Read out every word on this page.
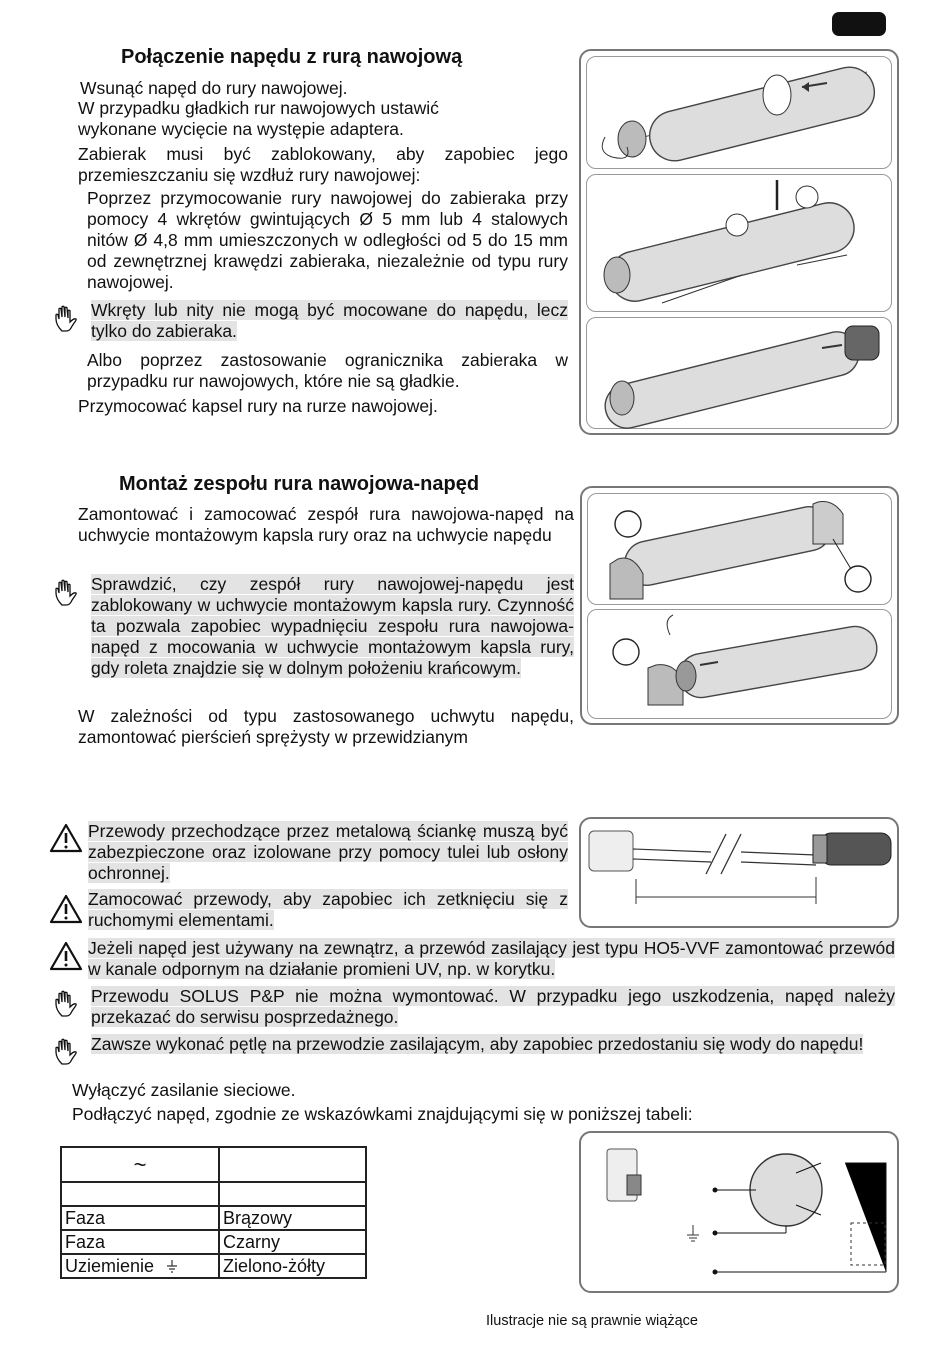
Połączenie napędu z rurą nawojową
Wsunąć napęd do rury nawojowej.
W przypadku gładkich rur nawojowych ustawić wykonane wycięcie na występie adaptera.
Zabierak musi być zablokowany, aby zapobiec jego przemieszczaniu się wzdłuż rury nawojowej:
Poprzez przymocowanie rury nawojowej do zabieraka przy pomocy 4 wkrętów gwintujących Ø 5 mm lub 4 stalowych nitów Ø 4,8 mm umieszczonych w odległości od 5 do 15 mm od zewnętrznej krawędzi zabieraka, niezależnie od typu rury nawojowej.
Wkręty lub nity nie mogą być mocowane do napędu, lecz tylko do zabieraka.
Albo poprzez zastosowanie ogranicznika zabieraka w przypadku rur nawojowych, które nie są gładkie.
Przymocować kapsel rury na rurze nawojowej.
Montaż zespołu rura nawojowa-napęd
Zamontować i zamocować zespół rura nawojowa-napęd na uchwycie montażowym kapsla rury oraz na uchwycie napędu
Sprawdzić, czy zespół rury nawojowej-napędu jest zablokowany w uchwycie montażowym kapsla rury. Czynność ta pozwala zapobiec wypadnięciu zespołu rura nawojowa-napęd z mocowania w uchwycie montażowym kapsla rury, gdy roleta znajdzie się w dolnym położeniu krańcowym.
W zależności od typu zastosowanego uchwytu napędu, zamontować pierścień sprężysty w przewidzianym
Przewody przechodzące przez metalową ściankę muszą być zabezpieczone oraz izolowane przy pomocy tulei lub osłony ochronnej.
Zamocować przewody, aby zapobiec ich zetknięciu się z ruchomymi elementami.
Jeżeli napęd jest używany na zewnątrz, a przewód zasilający jest typu HO5-VVF zamontować przewód w kanale odpornym na działanie promieni UV, np. w korytku.
Przewodu SOLUS P&P nie można wymontować. W przypadku jego uszkodzenia, napęd należy przekazać do serwisu posprzedażnego.
Zawsze wykonać pętlę na przewodzie zasilającym, aby zapobiec przedostaniu się wody do napędu!
Wyłączyć zasilanie sieciowe.
Podłączyć napęd, zgodnie ze wskazówkami znajdującymi się w poniższej tabeli:
~	

Faza	Brązowy
Faza	Czarny
Uziemienie	Zielono-żółty
Ilustracje nie są prawnie wiążące
